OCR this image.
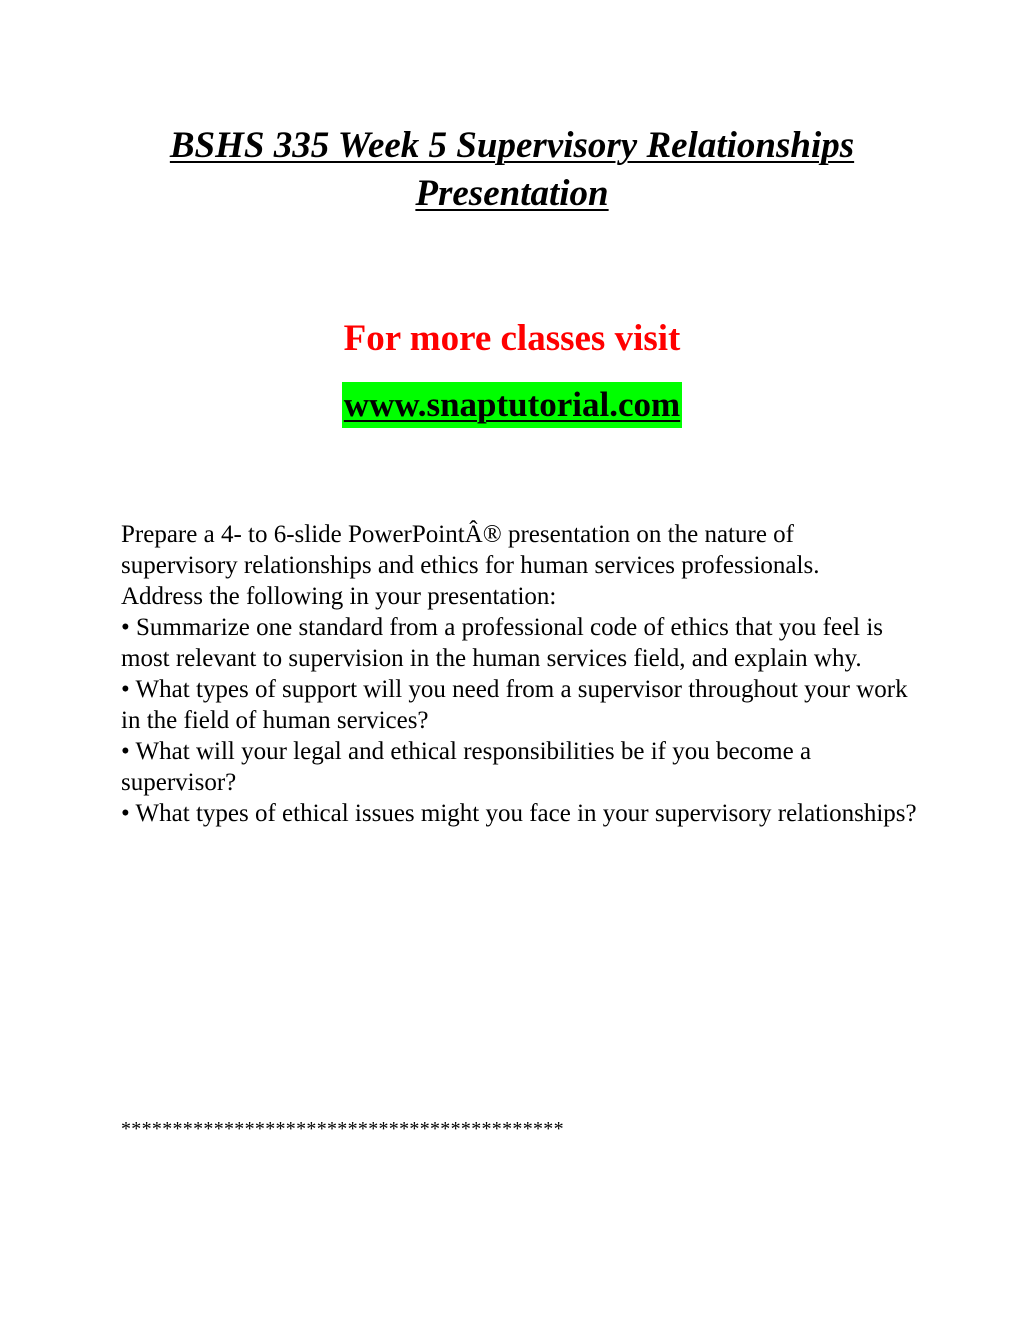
BSHS 335 Week 5 Supervisory Relationships
Presentation

For more classes visit

www.snaptutorial.com

Prepare a 4- to 6-slide PowerPointÂ® presentation on the nature of

supervisory relationships and ethics for human services professionals.

Address the following in your presentation:

• Summarize one standard from a professional code of ethics that you feel is most relevant to supervision in the human services field, and explain why.
• What types of support will you need from a supervisor throughout your work in the field of human services?
• What will your legal and ethical responsibilities be if you become a supervisor?
• What types of ethical issues might you face in your supervisory relationships?

*******************************************
